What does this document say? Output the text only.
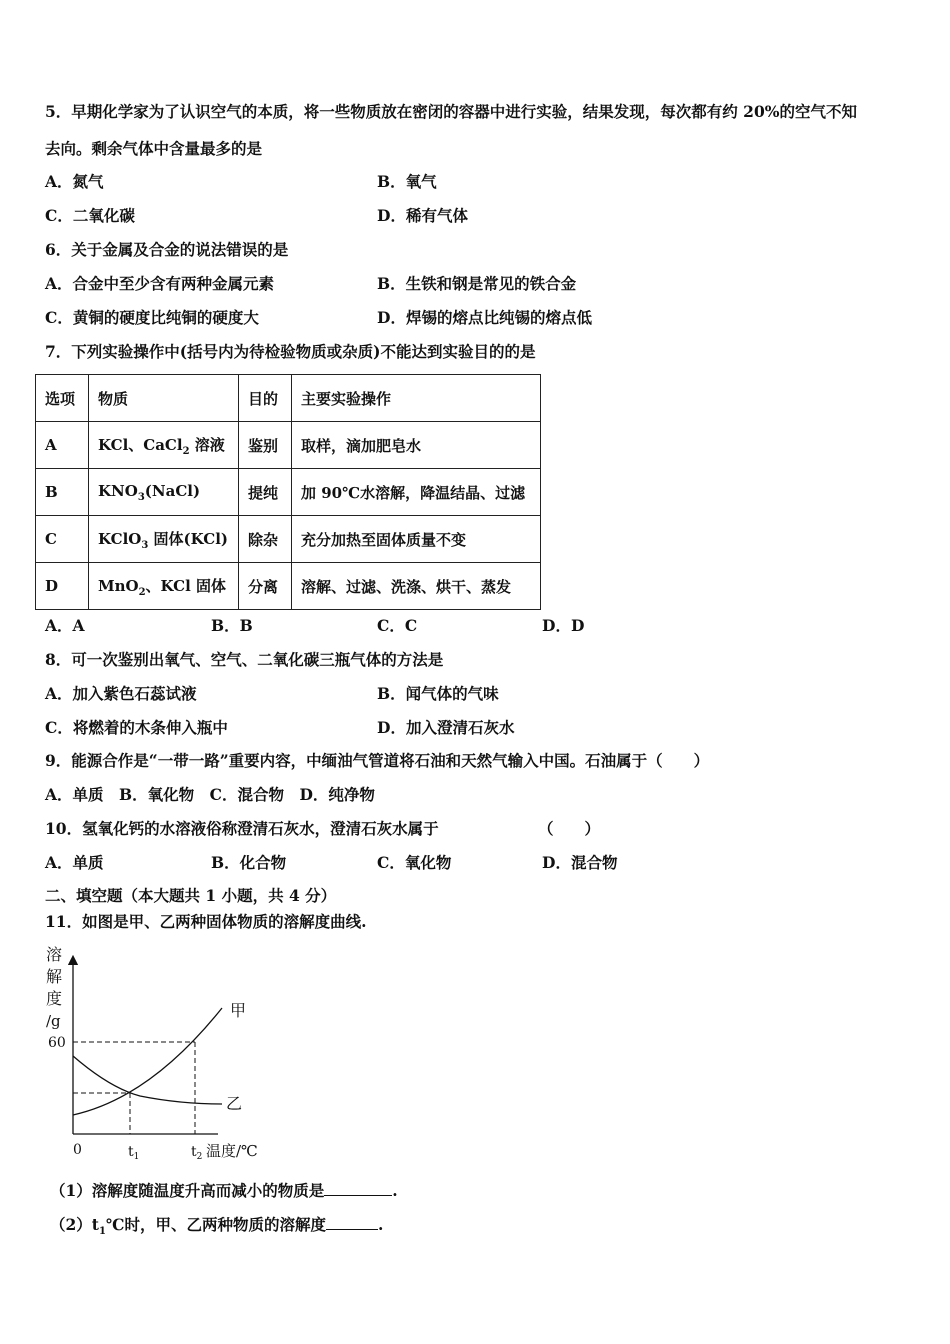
5．早期化学家为了认识空气的本质，将一些物质放在密闭的容器中进行实验，结果发现，每次都有约 20%的空气不知
去向。剩余气体中含量最多的是
A．氮气	B．氧气
C．二氧化碳	D．稀有气体
6．关于金属及合金的说法错误的是
A．合金中至少含有两种金属元素	B．生铁和钢是常见的铁合金
C．黄铜的硬度比纯铜的硬度大	D．焊锡的熔点比纯锡的熔点低
7．下列实验操作中(括号内为待检验物质或杂质)不能达到实验目的的是
选项	物质	目的	主要实验操作
A	KCl、CaCl$_2$ 溶液	鉴别	取样，滴加肥皂水
B	$KNO_3(NaCl)$	提纯	加 90℃水溶解，降温结晶、过滤
C	KClO$_3$ 固体(KCl)	除杂	充分加热至固体质量不变
D	MnO$_2$、KCl 固体	分离	溶解、过滤、洗涤、烘干、蒸发
A．A	B．B	C．C	D．D
8．可一次鉴别出氧气、空气、二氧化碳三瓶气体的方法是
A．加入紫色石蕊试液	B．闻气体的气味
C．将燃着的木条伸入瓶中	D．加入澄清石灰水
9．能源合作是“一带一路”重要内容，中缅油气管道将石油和天然气输入中国。石油属于（　　）
A．单质　B．氧化物　C．混合物　D．纯净物
10．氢氧化钙的水溶液俗称澄清石灰水，澄清石灰水属于	（　　）
A．单质	B．化合物	C．氧化物	D．混合物
二、填空题（本大题共 1 小题，共 4 分）
11．如图是甲、乙两种固体物质的溶解度曲线.
溶
解
度
/g
60
0	$t_1$	$t_2$ 温度/℃
甲
乙
（1）溶解度随温度升高而减小的物质是	.
$(2)t_1℃$时，甲、乙两种物质的溶解度	.
